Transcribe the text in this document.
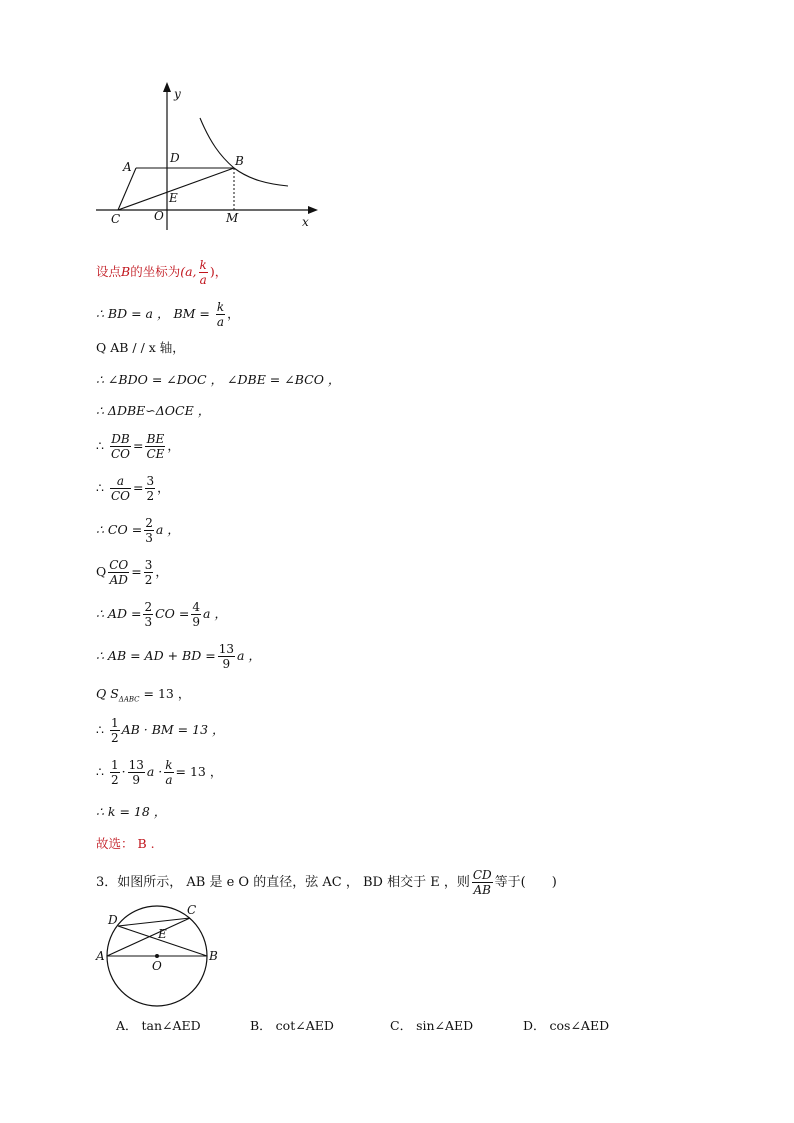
y
x
A
D	B
E
C	O	M
设点B的坐标为(a, $\frac{k}{a}$ )，
∴ BD = a ， BM = $\frac{k}{a}$ ，
Q AB / / x 轴，
∴ ∠BDO = ∠DOC ， ∠DBE = ∠BCO ，
∴ ΔDBE∽ΔOCE ，
∴ $\frac{DB}{CO} = \frac{BE}{CE}$ ，
∴ $\frac{a}{CO} = \frac{3}{2}$ ，
∴ CO = $\frac{2}{3}$ a ，
Q $\frac{CO}{AD} = \frac{3}{2}$ ，
∴ AD = $\frac{2}{3}$ CO = $\frac{4}{9}$ a ，
∴ AB = AD + BD = $\frac{13}{9}$ a ，
Q $S_{\Delta ABC} = 13$ ，
∴ $\frac{1}{2}$ AB · BM = 13 ，
∴ $\frac{1}{2} \cdot \frac{13}{9}$ $a \cdot \frac{k}{a} = 13$ ，
∴ k = 18 ，
故选： B .
3．如图所示， AB 是 e O 的直径，弦 AC ， BD 相交于 E ，则 $\frac{CD}{AB}$ 等于(　　)
D
C
E
A
O
B
A． tan∠AED	B． cot∠AED	C． sin∠AED	D． cos∠AED
